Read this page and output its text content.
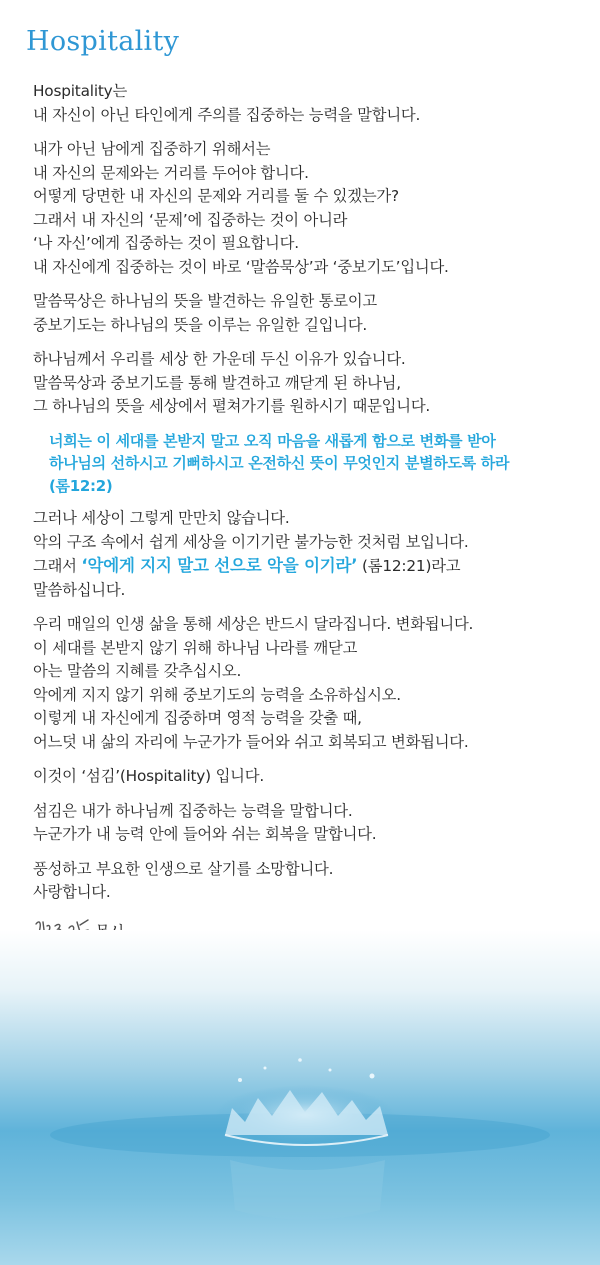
Hospitality
Hospitality는
내 자신이 아닌 타인에게 주의를 집중하는 능력을 말합니다.
내가 아닌 남에게 집중하기 위해서는
내 자신의 문제와는 거리를 두어야 합니다.
어떻게 당면한 내 자신의 문제와 거리를 둘 수 있겠는가?
그래서 내 자신의 ‘문제’에 집중하는 것이 아니라
‘나 자신’에게 집중하는 것이 필요합니다.
내 자신에게 집중하는 것이 바로 ‘말씀묵상’과 ‘중보기도’입니다.
말씀묵상은 하나님의 뜻을 발견하는 유일한 통로이고
중보기도는 하나님의 뜻을 이루는 유일한 길입니다.
하나님께서 우리를 세상 한 가운데 두신 이유가 있습니다.
말씀묵상과 중보기도를 통해 발견하고 깨닫게 된 하나님,
그 하나님의 뜻을 세상에서 펼쳐가기를 원하시기 때문입니다.
너희는 이 세대를 본받지 말고 오직 마음을 새롭게 함으로 변화를 받아
하나님의 선하시고 기뻐하시고 온전하신 뜻이 무엇인지 분별하도록 하라
(롬12:2)
그러나 세상이 그렇게 만만치 않습니다.
악의 구조 속에서 쉽게 세상을 이기기란 불가능한 것처럼 보입니다.
그래서 ‘악에게 지지 말고 선으로 악을 이기라’ (롬12:21)라고
말씀하십니다.
우리 매일의 인생 삶을 통해 세상은 반드시 달라집니다. 변화됩니다.
이 세대를 본받지 않기 위해 하나님 나라를 깨닫고
아는 말씀의 지혜를 갖추십시오.
악에게 지지 않기 위해 중보기도의 능력을 소유하십시오.
이렇게 내 자신에게 집중하며 영적 능력을 갖출 때,
어느덧 내 삶의 자리에 누군가가 들어와 쉬고 회복되고 변화됩니다.
이것이 ‘섬김’(Hospitality) 입니다.
섬김은 내가 하나님께 집중하는 능력을 말합니다.
누군가가 내 능력 안에 들어와 쉬는 회복을 말합니다.
풍성하고 부요한 인생으로 살기를 소망합니다.
사랑합니다.
